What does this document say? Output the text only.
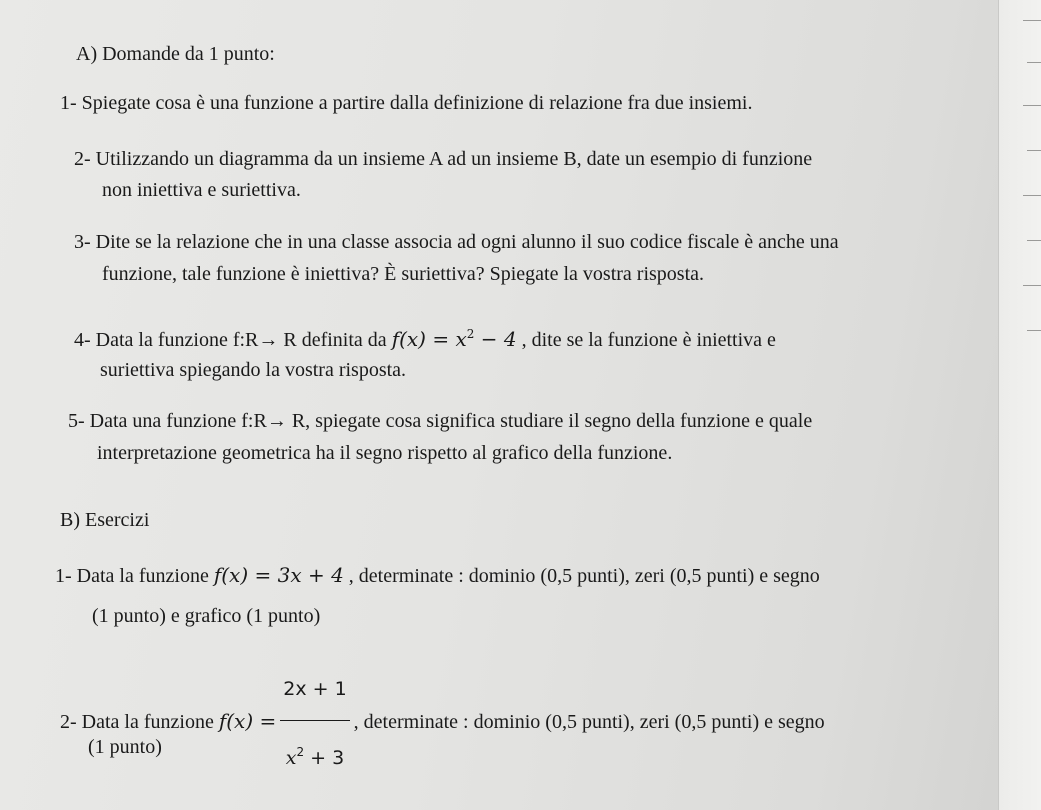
A) Domande da 1 punto:
1- Spiegate cosa è una funzione a partire dalla definizione di relazione fra due insiemi.
2- Utilizzando un diagramma da un insieme A ad un insieme B, date un esempio di funzione
non iniettiva e suriettiva.
3- Dite se la relazione che in una classe associa ad ogni alunno il suo codice fiscale è anche una
funzione, tale funzione è iniettiva? È suriettiva? Spiegate la vostra risposta.
4- Data la funzione f:R→ R definita da $f(x) = x^2 - 4$ , dite se la funzione è iniettiva e
suriettiva spiegando la vostra risposta.
5- Data una funzione f:R→ R, spiegate cosa significa studiare il segno della funzione e quale
interpretazione geometrica ha il segno rispetto al grafico della funzione.
B) Esercizi
1- Data la funzione f(x) = 3x + 4 , determinate : dominio (0,5 punti), zeri (0,5 punti) e segno
(1 punto) e grafico (1 punto)
2- Data la funzione $f(x) = \frac{2x + 1}{x^2 + 3}$ , determinate : dominio (0,5 punti), zeri (0,5 punti) e segno
(1 punto)
